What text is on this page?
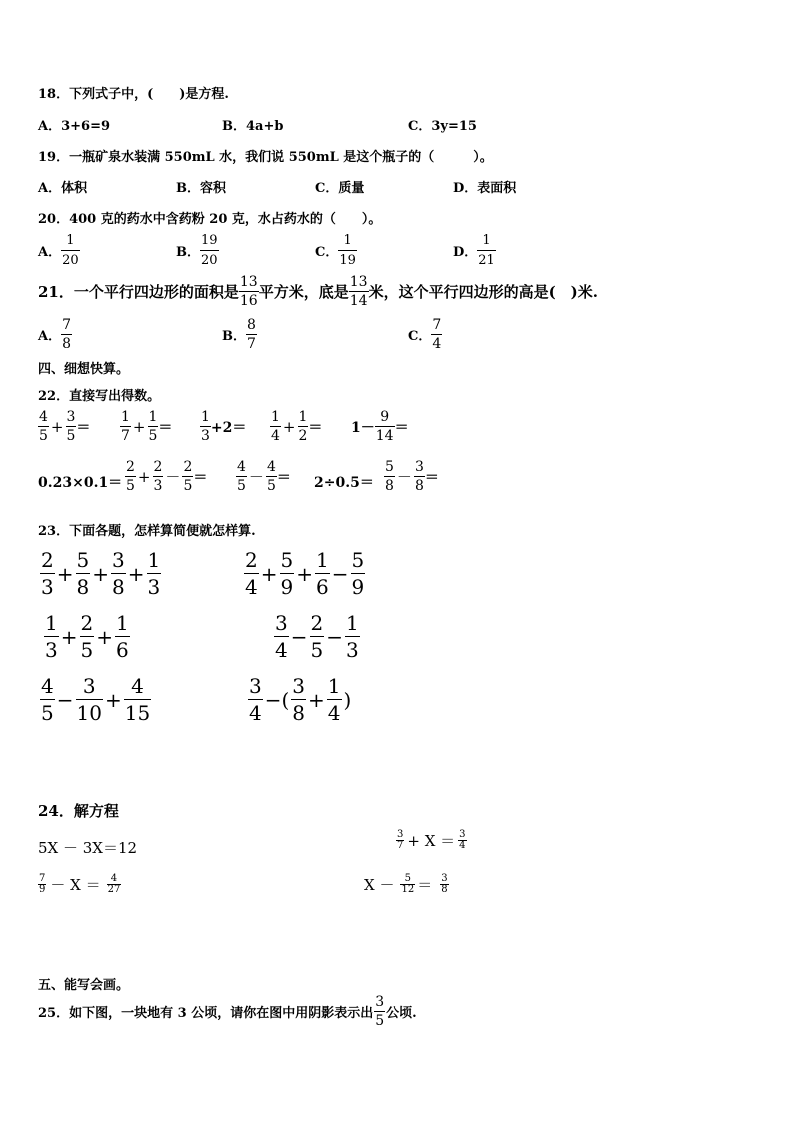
18．下列式子中，(　　)是方程.
A．3+6=9	B．4a+b	C．3y=15
19．一瓶矿泉水装满 550mL 水，我们说 550mL 是这个瓶子的（　　　）。
A．体积	B．容积	C．质量	D．表面积
20．400 克的药水中含药粉 20 克，水占药水的（　　）。
A． $\frac{1}{20}$	B． $\frac{19}{20}$	C． $\frac{1}{19}$	D． $\frac{1}{21}$
21．一个平行四边形的面积是 $\frac{13}{16}$ 平方米，底是 $\frac{13}{14}$ 米，这个平行四边形的高是(　)米.
A． $\frac{7}{8}$	B． $\frac{8}{7}$	C． $\frac{7}{4}$
四、细想快算。
22．直接写出得数。
$\frac{4}{5} + \frac{3}{5} = \frac{1}{7} + \frac{1}{5} = \frac{1}{3} +2= \frac{1}{4} + \frac{1}{2} = 1- \frac{9}{14}$ ＝
$0.23\times 0.1= \frac{2}{5} + \frac{2}{3} - \frac{2}{5} = \frac{4}{5} - \frac{4}{5} = 2\div 0.5= \frac{5}{8} - \frac{3}{8}$ ＝
23．下面各题，怎样算简便就怎样算.
$\frac{2}{3} + \frac{5}{8} + \frac{3}{8} + \frac{1}{3}$	$\frac{2}{4} + \frac{5}{9} + \frac{1}{6} - \frac{5}{9}$
$\frac{1}{3} + \frac{2}{5} + \frac{1}{6}$	$\frac{3}{4} - \frac{2}{5} - \frac{1}{3}$
$\frac{4}{5} - \frac{3}{10} + \frac{4}{15}$	$\frac{3}{4}$ −( $\frac{3}{8} + \frac{1}{4}$ )
24．解方程
5X － 3X＝12	$\frac{3}{7} + X = \frac{3}{4}$
$\frac{7}{9} - X = \frac{4}{27}$	$X - \frac{5}{12} = \frac{3}{8}$
五、能写会画。
25．如下图，一块地有 3 公顷，请你在图中用阴影表示出 $\frac{3}{5}$ 公顷.
